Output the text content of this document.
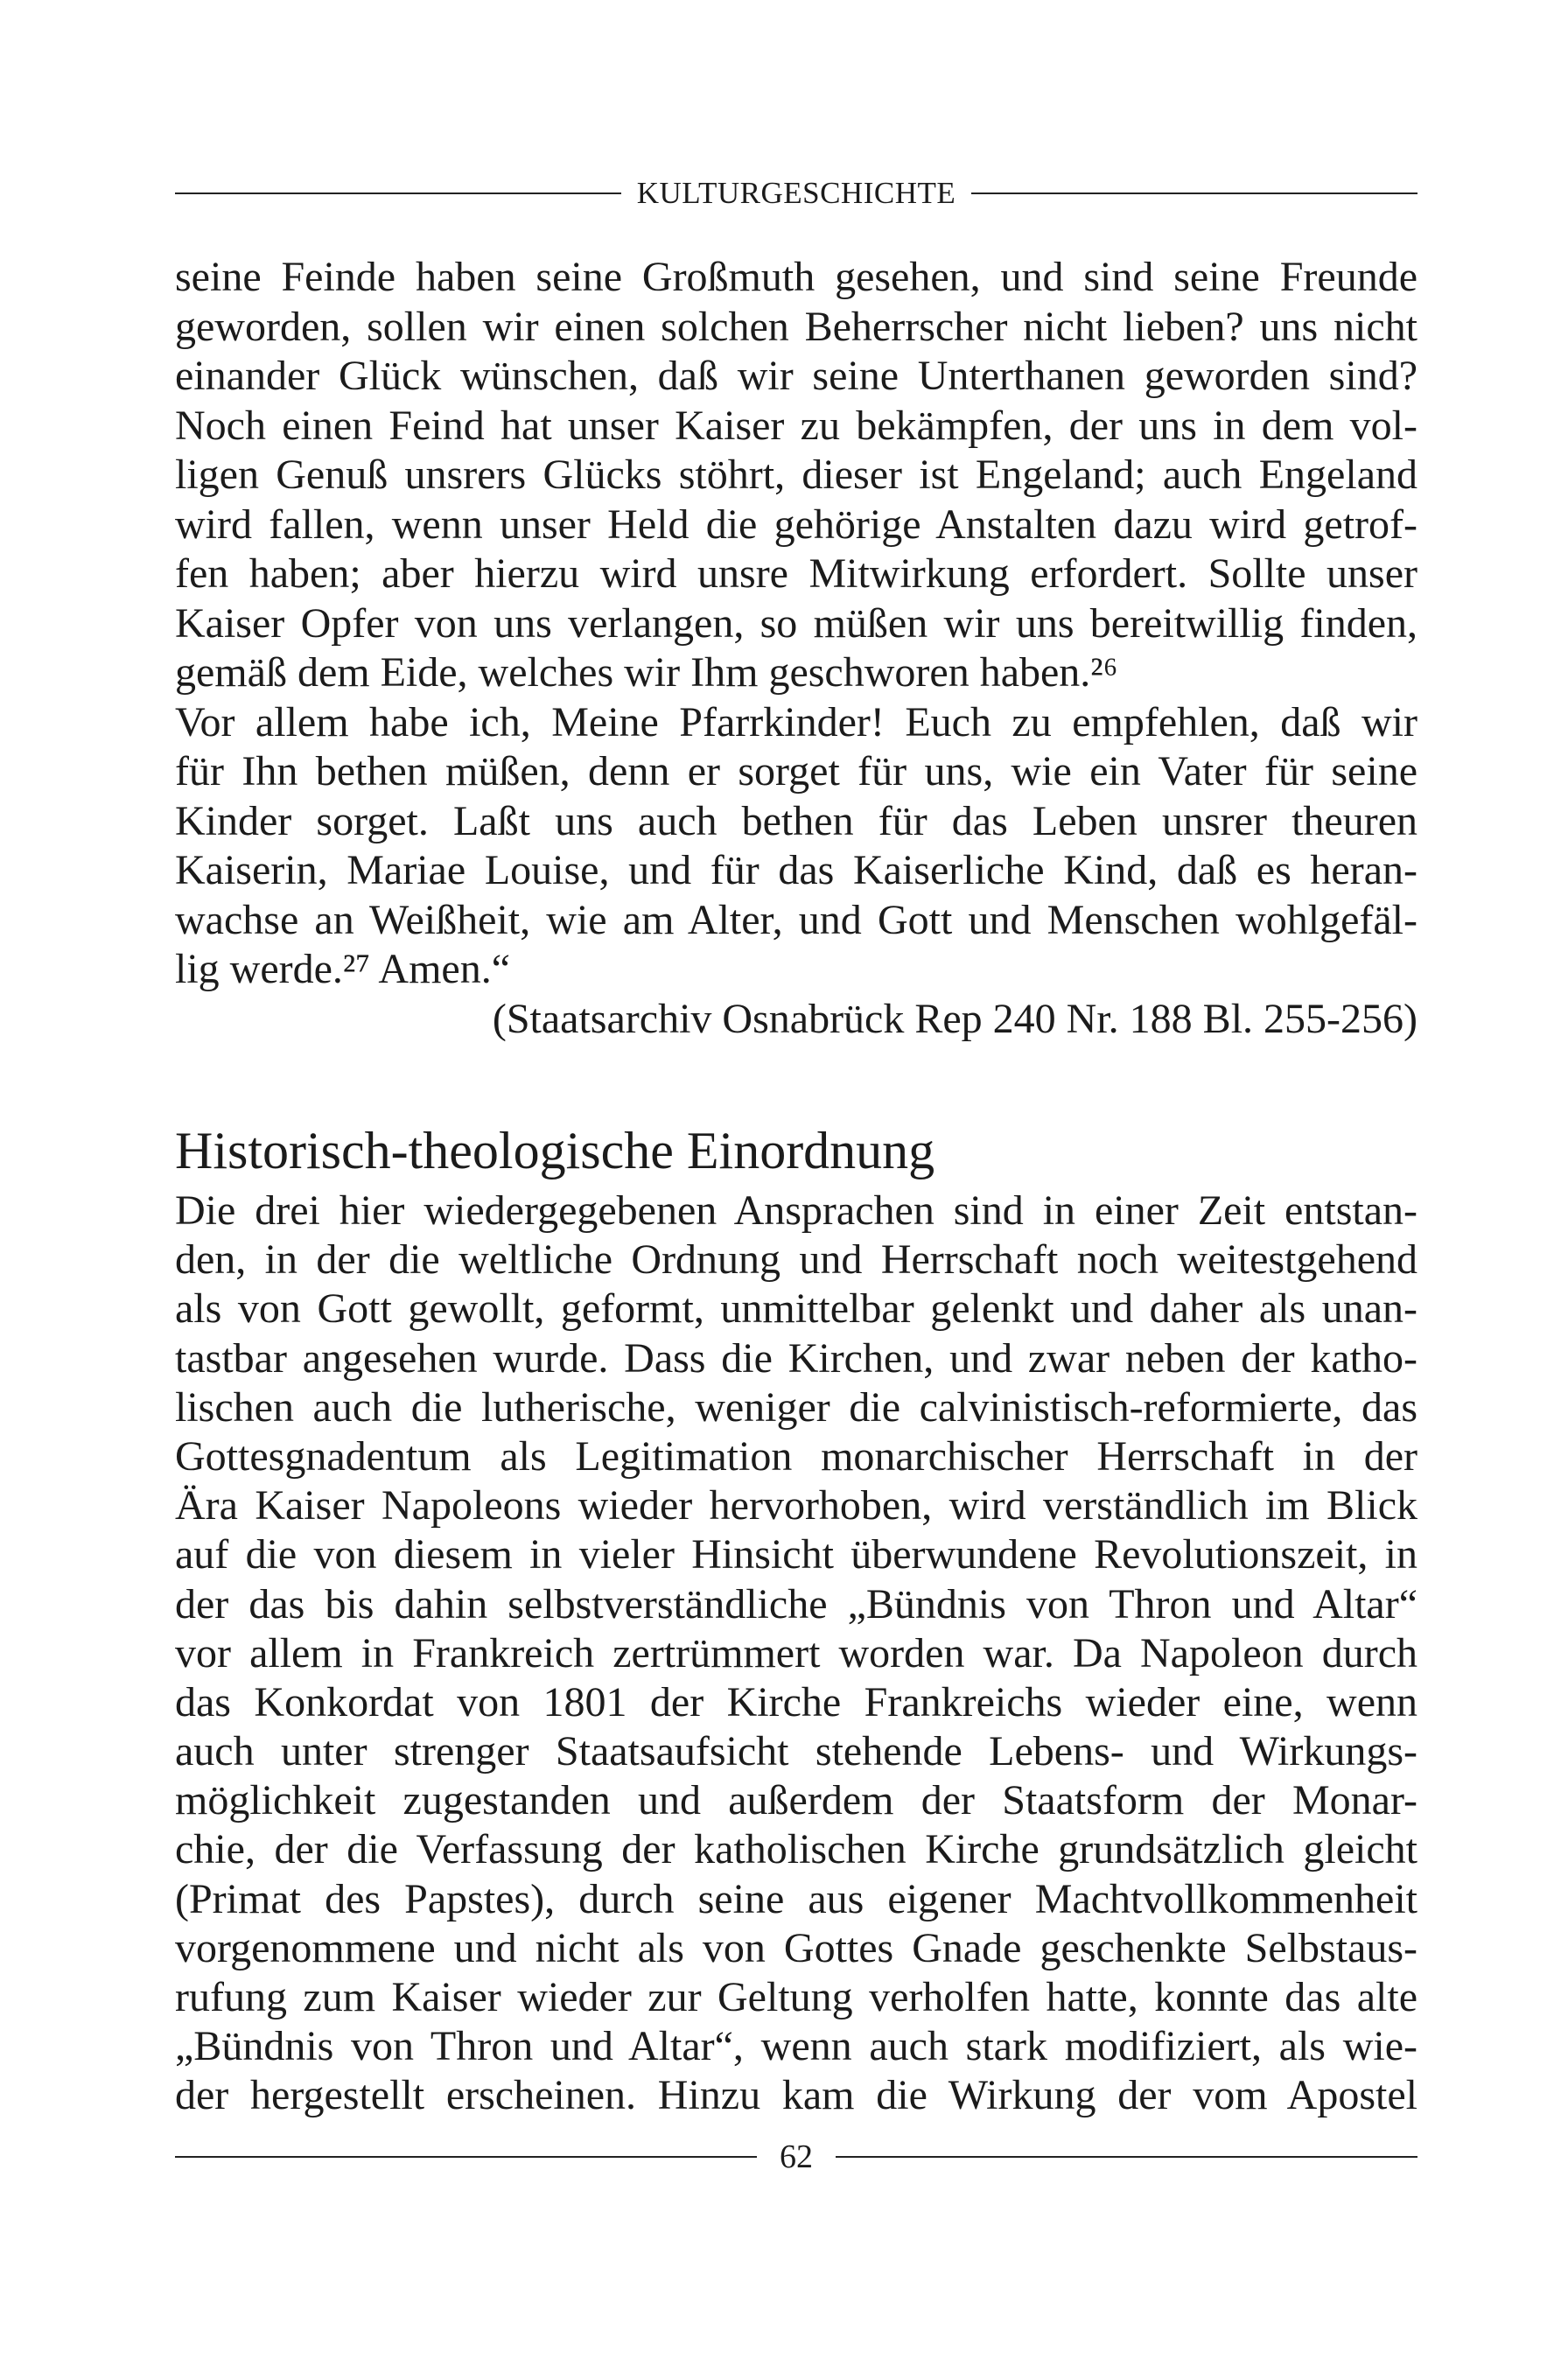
KULTURGESCHICHTE
seine Feinde haben seine Großmuth gesehen, und sind seine Freunde
geworden, sollen wir einen solchen Beherrscher nicht lieben? uns nicht
einander Glück wünschen, daß wir seine Unterthanen geworden sind?
Noch einen Feind hat unser Kaiser zu bekämpfen, der uns in dem vol-
ligen Genuß unsrers Glücks stöhrt, dieser ist Engeland; auch Engeland
wird fallen, wenn unser Held die gehörige Anstalten dazu wird getrof-
fen haben; aber hierzu wird unsre Mitwirkung erfordert. Sollte unser
Kaiser Opfer von uns verlangen, so müßen wir uns bereitwillig finden,
gemäß dem Eide, welches wir Ihm geschworen haben.²⁶
Vor allem habe ich, Meine Pfarrkinder! Euch zu empfehlen, daß wir
für Ihn bethen müßen, denn er sorget für uns, wie ein Vater für seine
Kinder sorget. Laßt uns auch bethen für das Leben unsrer theuren
Kaiserin, Mariae Louise, und für das Kaiserliche Kind, daß es heran-
wachse an Weißheit, wie am Alter, und Gott und Menschen wohlgefäl-
lig werde.²⁷ Amen.“
(Staatsarchiv Osnabrück Rep 240 Nr. 188 Bl. 255-256)
Historisch-theologische Einordnung
Die drei hier wiedergegebenen Ansprachen sind in einer Zeit entstan-
den, in der die weltliche Ordnung und Herrschaft noch weitestgehend
als von Gott gewollt, geformt, unmittelbar gelenkt und daher als unan-
tastbar angesehen wurde. Dass die Kirchen, und zwar neben der katho-
lischen auch die lutherische, weniger die calvinistisch-reformierte, das
Gottesgnadentum als Legitimation monarchischer Herrschaft in der
Ära Kaiser Napoleons wieder hervorhoben, wird verständlich im Blick
auf die von diesem in vieler Hinsicht überwundene Revolutionszeit, in
der das bis dahin selbstverständliche „Bündnis von Thron und Altar“
vor allem in Frankreich zertrümmert worden war. Da Napoleon durch
das Konkordat von 1801 der Kirche Frankreichs wieder eine, wenn
auch unter strenger Staatsaufsicht stehende Lebens- und Wirkungs-
möglichkeit zugestanden und außerdem der Staatsform der Monar-
chie, der die Verfassung der katholischen Kirche grundsätzlich gleicht
(Primat des Papstes), durch seine aus eigener Machtvollkommenheit
vorgenommene und nicht als von Gottes Gnade geschenkte Selbstaus-
rufung zum Kaiser wieder zur Geltung verholfen hatte, konnte das alte
„Bündnis von Thron und Altar“, wenn auch stark modifiziert, als wie-
der hergestellt erscheinen. Hinzu kam die Wirkung der vom Apostel
62
